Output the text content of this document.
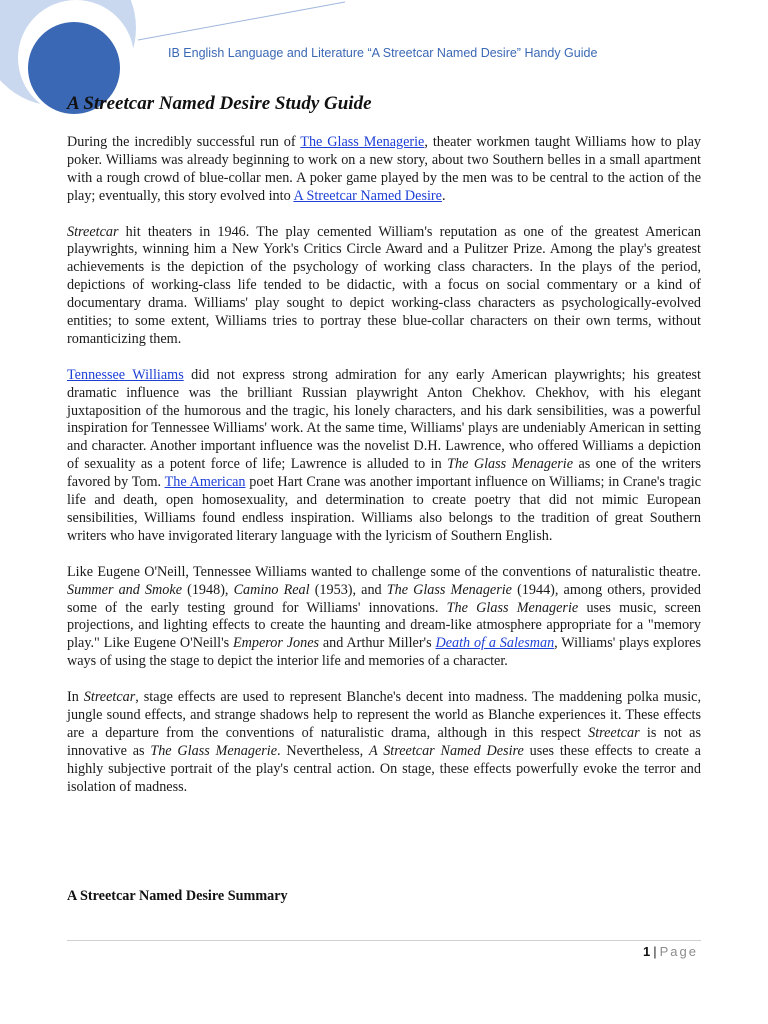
IB English Language and Literature “A Streetcar Named Desire” Handy Guide
A Streetcar Named Desire Study Guide

During the incredibly successful run of The Glass Menagerie, theater workmen taught Williams how to play poker. Williams was already beginning to work on a new story, about two Southern belles in a small apartment with a rough crowd of blue-collar men. A poker game played by the men was to be central to the action of the play; eventually, this story evolved into A Streetcar Named Desire.

Streetcar hit theaters in 1946. The play cemented William's reputation as one of the greatest American playwrights, winning him a New York's Critics Circle Award and a Pulitzer Prize. Among the play's greatest achievements is the depiction of the psychology of working class characters. In the plays of the period, depictions of working-class life tended to be didactic, with a focus on social commentary or a kind of documentary drama. Williams' play sought to depict working-class characters as psychologically-evolved entities; to some extent, Williams tries to portray these blue-collar characters on their own terms, without romanticizing them.

Tennessee Williams did not express strong admiration for any early American playwrights; his greatest dramatic influence was the brilliant Russian playwright Anton Chekhov. Chekhov, with his elegant juxtaposition of the humorous and the tragic, his lonely characters, and his dark sensibilities, was a powerful inspiration for Tennessee Williams' work. At the same time, Williams' plays are undeniably American in setting and character. Another important influence was the novelist D.H. Lawrence, who offered Williams a depiction of sexuality as a potent force of life; Lawrence is alluded to in The Glass Menagerie as one of the writers favored by Tom. The American poet Hart Crane was another important influence on Williams; in Crane's tragic life and death, open homosexuality, and determination to create poetry that did not mimic European sensibilities, Williams found endless inspiration. Williams also belongs to the tradition of great Southern writers who have invigorated literary language with the lyricism of Southern English.

Like Eugene O'Neill, Tennessee Williams wanted to challenge some of the conventions of naturalistic theatre. Summer and Smoke (1948), Camino Real (1953), and The Glass Menagerie (1944), among others, provided some of the early testing ground for Williams' innovations. The Glass Menagerie uses music, screen projections, and lighting effects to create the haunting and dream-like atmosphere appropriate for a "memory play." Like Eugene O'Neill's Emperor Jones and Arthur Miller's Death of a Salesman, Williams' plays explores ways of using the stage to depict the interior life and memories of a character.

In Streetcar, stage effects are used to represent Blanche's decent into madness. The maddening polka music, jungle sound effects, and strange shadows help to represent the world as Blanche experiences it. These effects are a departure from the conventions of naturalistic drama, although in this respect Streetcar is not as innovative as The Glass Menagerie. Nevertheless, A Streetcar Named Desire uses these effects to create a highly subjective portrait of the play's central action. On stage, these effects powerfully evoke the terror and isolation of madness.

A Streetcar Named Desire Summary
1 | Page
